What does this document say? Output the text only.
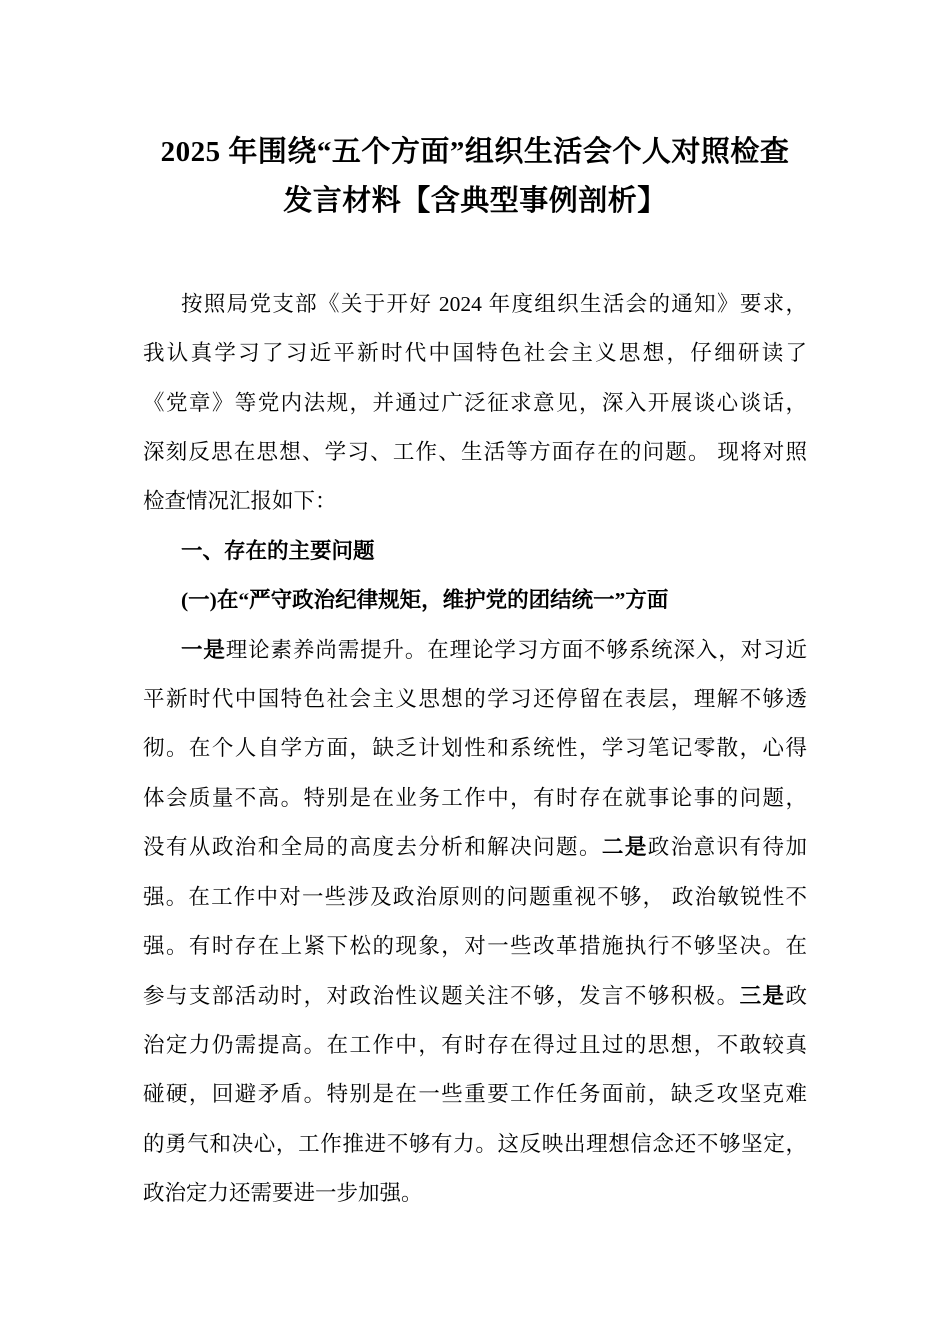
2025 年围绕“五个方面”组织生活会个人对照检查
发言材料【含典型事例剖析】
按照局党支部《关于开好 2024 年度组织生活会的通知》要求，
我认真学习了习近平新时代中国特色社会主义思想，仔细研读了
《党章》等党内法规，并通过广泛征求意见，深入开展谈心谈话，
深刻反思在思想、学习、工作、生活等方面存在的问题。 现将对照
检查情况汇报如下：
一、存在的主要问题
(一)在“严守政治纪律规矩，维护党的团结统一”方面
一是理论素养尚需提升。在理论学习方面不够系统深入，对习近
平新时代中国特色社会主义思想的学习还停留在表层，理解不够透
彻。在个人自学方面，缺乏计划性和系统性，学习笔记零散，心得
体会质量不高。特别是在业务工作中，有时存在就事论事的问题，
没有从政治和全局的高度去分析和解决问题。二是政治意识有待加
强。在工作中对一些涉及政治原则的问题重视不够， 政治敏锐性不
强。有时存在上紧下松的现象，对一些改革措施执行不够坚决。在
参与支部活动时，对政治性议题关注不够，发言不够积极。三是政
治定力仍需提高。在工作中，有时存在得过且过的思想，不敢较真
碰硬，回避矛盾。特别是在一些重要工作任务面前，缺乏攻坚克难
的勇气和决心，工作推进不够有力。这反映出理想信念还不够坚定，
政治定力还需要进一步加强。
